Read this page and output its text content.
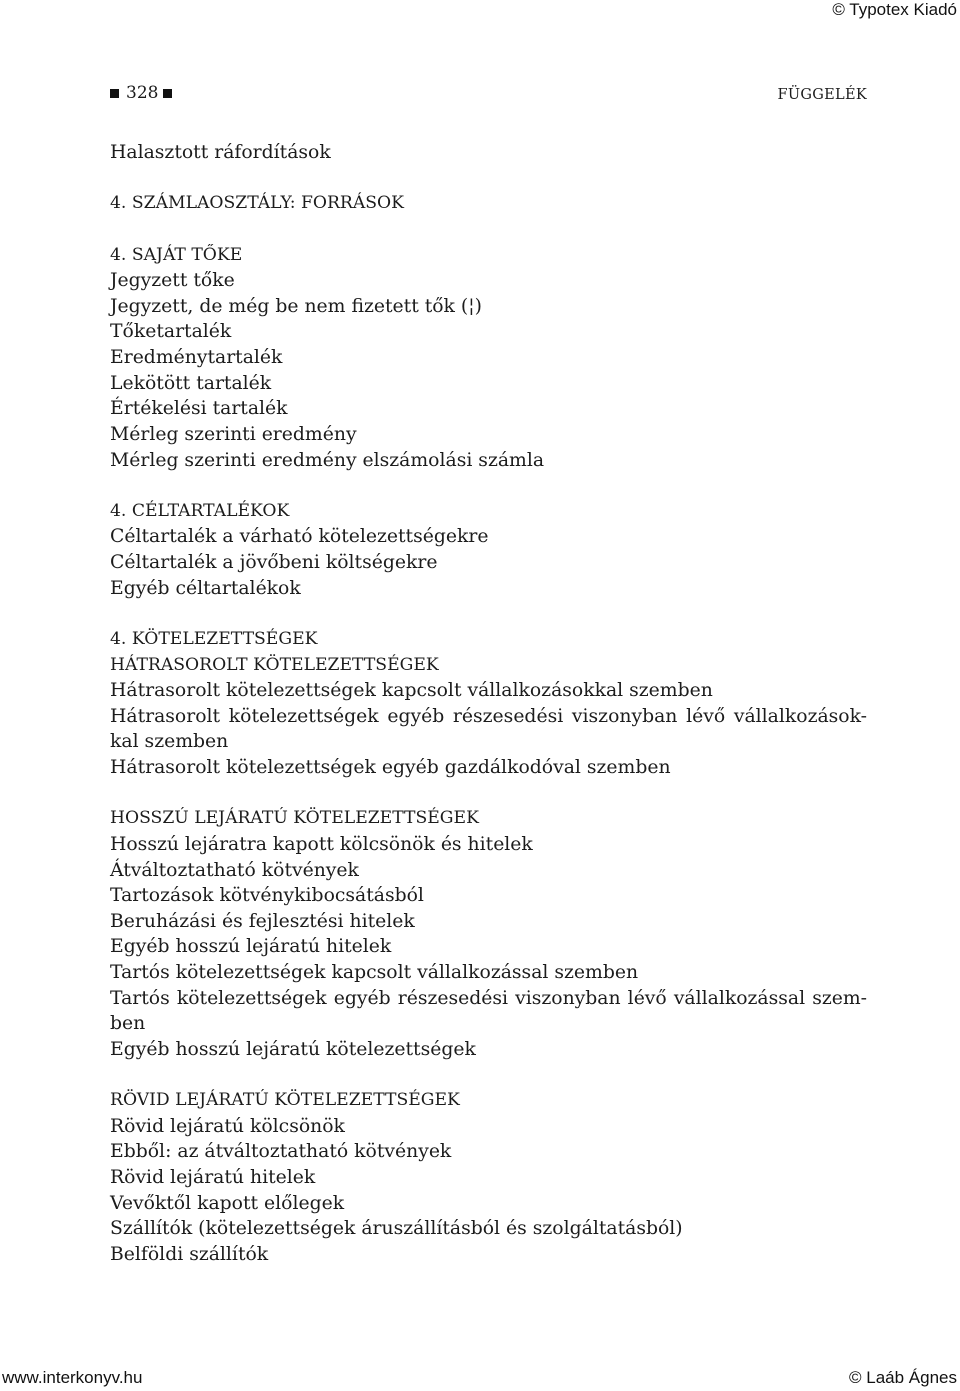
© Typotex Kiadó
328	FÜGGELÉK
Halasztott ráfordítások
4. SZÁMLAOSZTÁLY: FORRÁSOK
4. SAJÁT TŐKE
Jegyzett tőke
Jegyzett, de még be nem fizetett tők (¦)
Tőketartalék
Eredménytartalék
Lekötött tartalék
Értékelési tartalék
Mérleg szerinti eredmény
Mérleg szerinti eredmény elszámolási számla
4. CÉLTARTALÉKOK
Céltartalék a várható kötelezettségekre
Céltartalék a jövőbeni költségekre
Egyéb céltartalékok
4. KÖTELEZETTSÉGEK
HÁTRASOROLT KÖTELEZETTSÉGEK
Hátrasorolt kötelezettségek kapcsolt vállalkozásokkal szemben
Hátrasorolt kötelezettségek egyéb részesedési viszonyban lévő vállalkozások-
kal szemben
Hátrasorolt kötelezettségek egyéb gazdálkodóval szemben
HOSSZÚ LEJÁRATÚ KÖTELEZETTSÉGEK
Hosszú lejáratra kapott kölcsönök és hitelek
Átváltoztatható kötvények
Tartozások kötvénykibocsátásból
Beruházási és fejlesztési hitelek
Egyéb hosszú lejáratú hitelek
Tartós kötelezettségek kapcsolt vállalkozással szemben
Tartós kötelezettségek egyéb részesedési viszonyban lévő vállalkozással szem-
ben
Egyéb hosszú lejáratú kötelezettségek
RÖVID LEJÁRATÚ KÖTELEZETTSÉGEK
Rövid lejáratú kölcsönök
Ebből: az átváltoztatható kötvények
Rövid lejáratú hitelek
Vevőktől kapott előlegek
Szállítók (kötelezettségek áruszállításból és szolgáltatásból)
Belföldi szállítók
www.interkonyv.hu	© Laáb Ágnes
